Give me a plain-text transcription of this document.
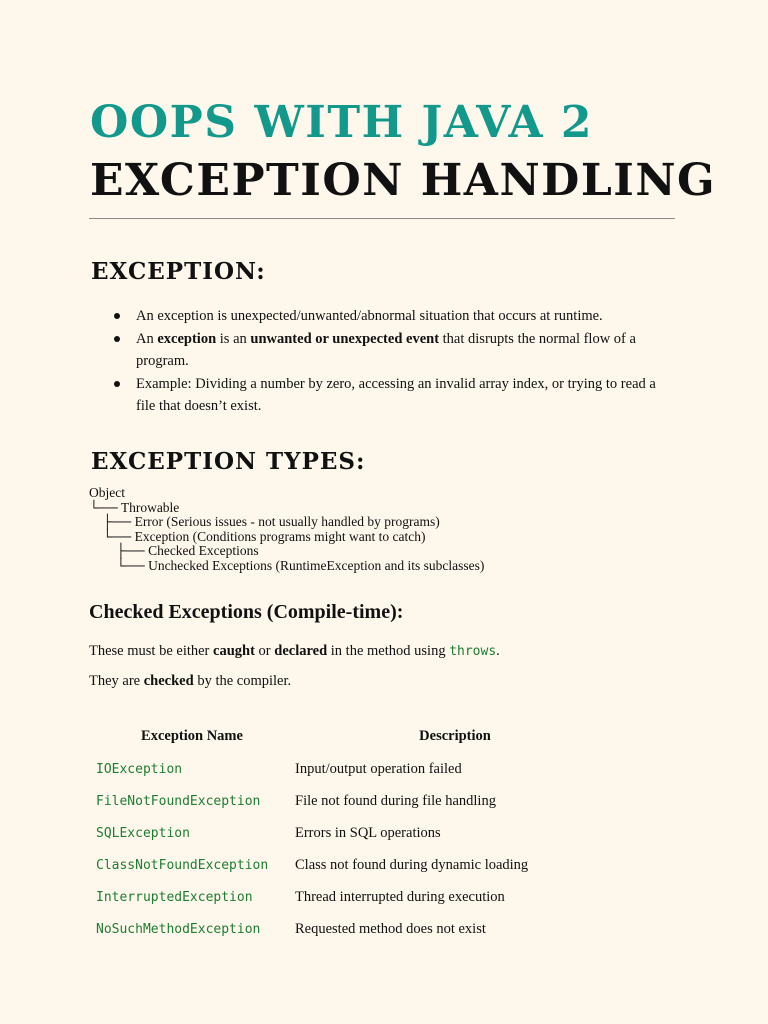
OOPS WITH JAVA 2
EXCEPTION HANDLING
EXCEPTION:
An exception is unexpected/unwanted/abnormal situation that occurs at runtime.
An exception is an unwanted or unexpected event that disrupts the normal flow of a program.
Example: Dividing a number by zero, accessing an invalid array index, or trying to read a file that doesn’t exist.
EXCEPTION TYPES:
Object
└── Throwable
├── Error (Serious issues - not usually handled by programs)
└── Exception (Conditions programs might want to catch)
├── Checked Exceptions
└── Unchecked Exceptions (RuntimeException and its subclasses)
Checked Exceptions (Compile-time):

These must be either caught or declared in the method using throws.

They are checked by the compiler.

Exception Name	Description
IOException	Input/output operation failed
FileNotFoundException	File not found during file handling
SQLException	Errors in SQL operations
ClassNotFoundException	Class not found during dynamic loading
InterruptedException	Thread interrupted during execution
NoSuchMethodException	Requested method does not exist
